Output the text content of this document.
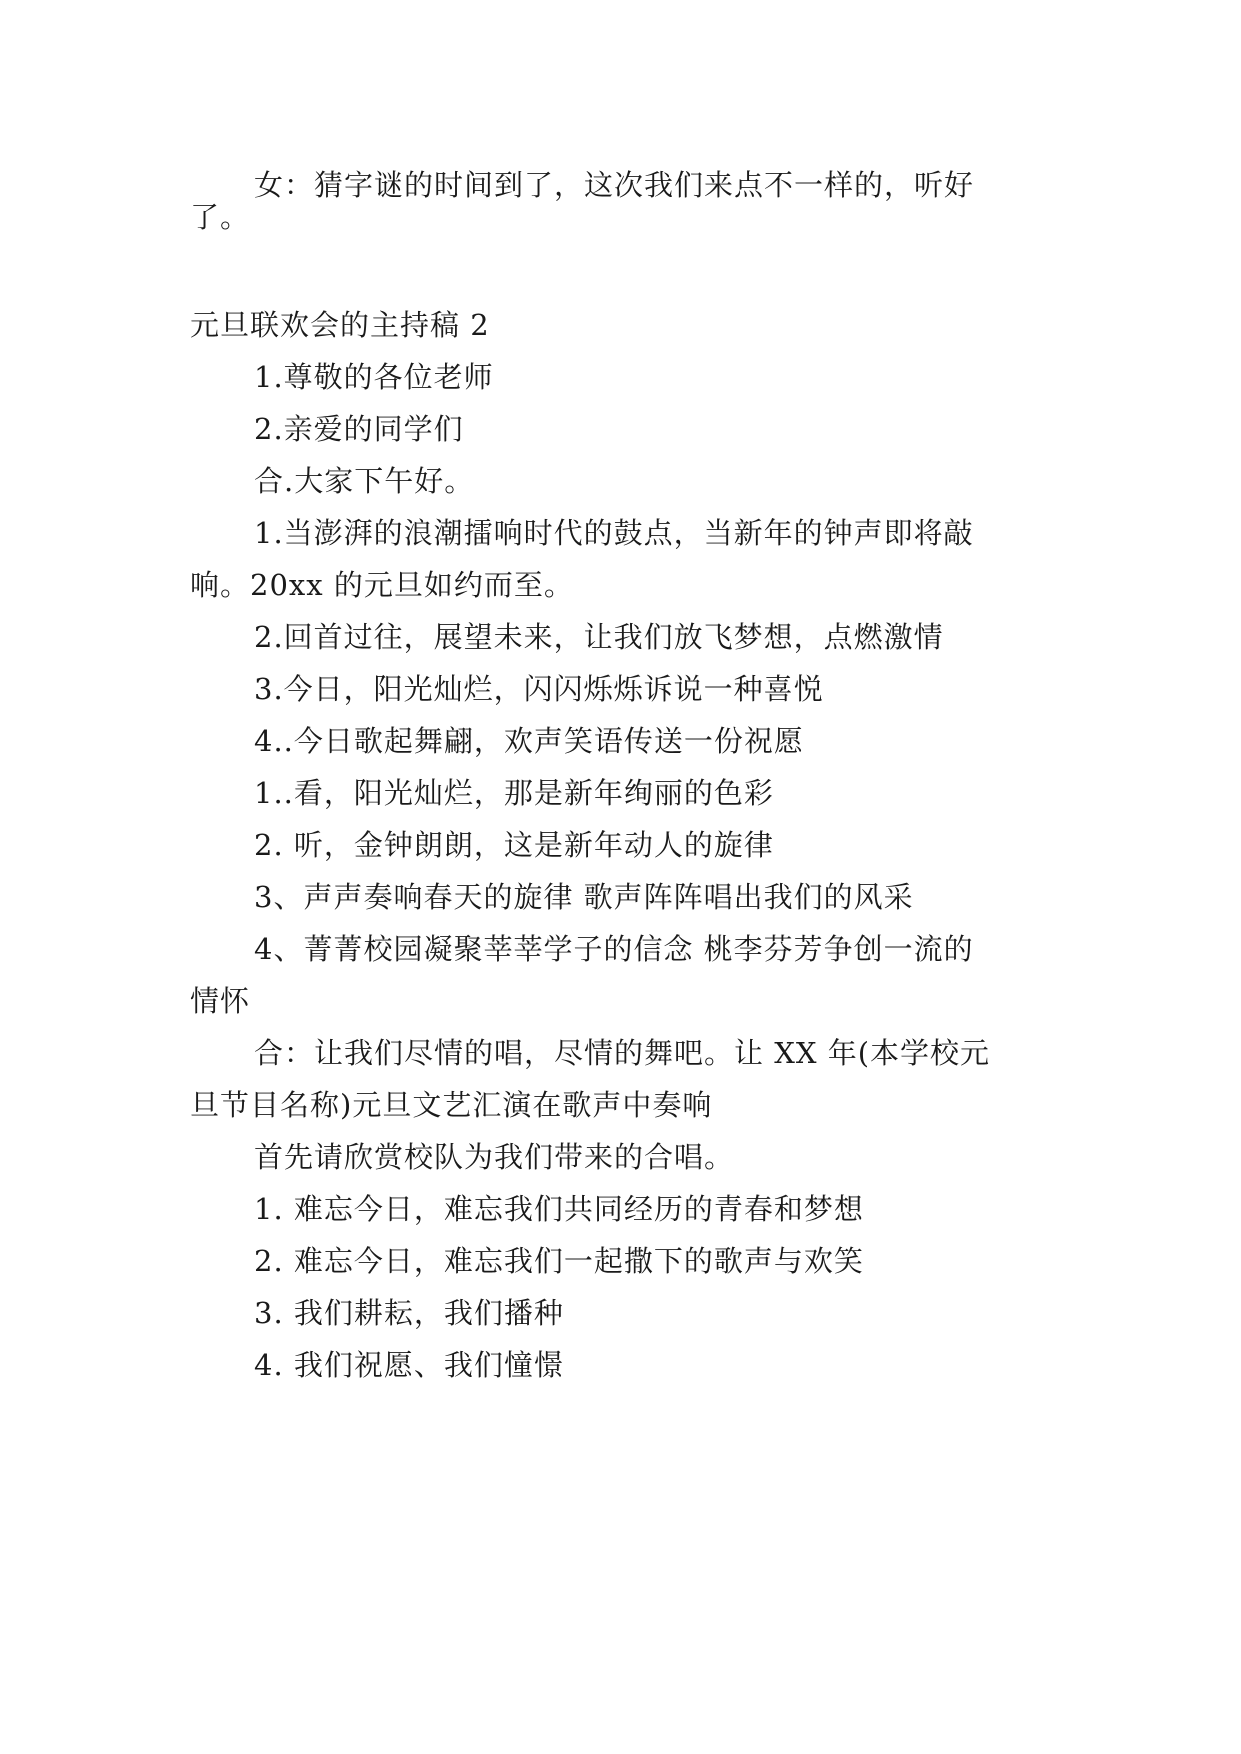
女：猜字谜的时间到了，这次我们来点不一样的，听好
了。
元旦联欢会的主持稿 2
1.尊敬的各位老师
2.亲爱的同学们
合.大家下午好。
1.当澎湃的浪潮擂响时代的鼓点，当新年的钟声即将敲
响。20xx 的元旦如约而至。
2.回首过往，展望未来，让我们放飞梦想，点燃激情
3.今日，阳光灿烂，闪闪烁烁诉说一种喜悦
4..今日歌起舞翩，欢声笑语传送一份祝愿
1..看，阳光灿烂，那是新年绚丽的色彩
2. 听，金钟朗朗，这是新年动人的旋律
3、声声奏响春天的旋律 歌声阵阵唱出我们的风采
4、菁菁校园凝聚莘莘学子的信念 桃李芬芳争创一流的
情怀
合：让我们尽情的唱，尽情的舞吧。让 XX 年(本学校元
旦节目名称)元旦文艺汇演在歌声中奏响
首先请欣赏校队为我们带来的合唱。
1. 难忘今日，难忘我们共同经历的青春和梦想
2. 难忘今日，难忘我们一起撒下的歌声与欢笑
3. 我们耕耘，我们播种
4. 我们祝愿、我们憧憬
